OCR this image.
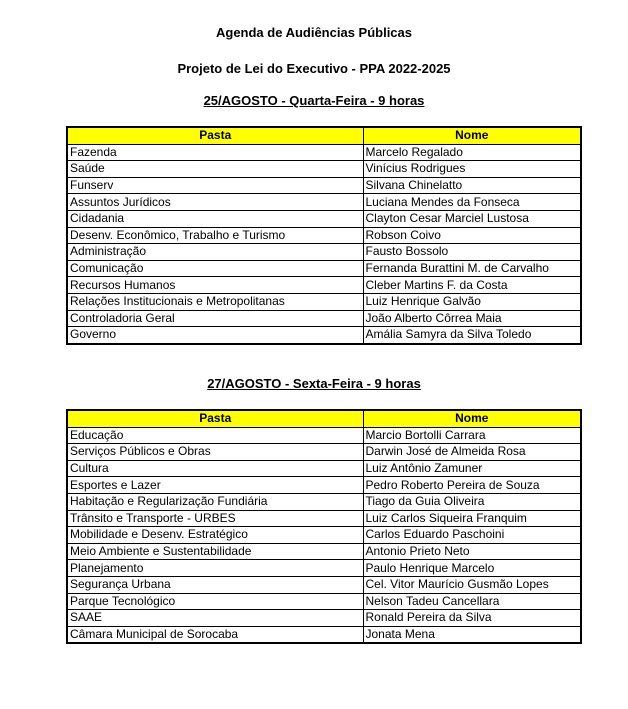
Agenda de Audiências Públicas
Projeto de Lei do Executivo - PPA 2022-2025
25/AGOSTO - Quarta-Feira - 9 horas
Pasta	Nome
Fazenda	Marcelo Regalado
Saúde	Vinícius Rodrigues
Funserv	Silvana Chinelatto
Assuntos Jurídicos	Luciana Mendes da Fonseca
Cidadania	Clayton Cesar Marciel Lustosa
Desenv. Econômico, Trabalho e Turismo	Robson Coivo
Administração	Fausto Bossolo
Comunicação	Fernanda Burattini M. de Carvalho
Recursos Humanos	Cleber Martins F. da Costa
Relações Institucionais e Metropolitanas	Luiz Henrique Galvão
Controladoria Geral	João Alberto Côrrea Maia
Governo	Amália Samyra da Silva Toledo
27/AGOSTO - Sexta-Feira - 9 horas
Pasta	Nome
Educação	Marcio Bortolli Carrara
Serviços Públicos e Obras	Darwin José de Almeida Rosa
Cultura	Luiz Antônio Zamuner
Esportes e Lazer	Pedro Roberto Pereira de Souza
Habitação e Regularização Fundiária	Tiago da Guia Oliveira
Trânsito e Transporte - URBES	Luiz Carlos Siqueira Franquim
Mobilidade e Desenv. Estratégico	Carlos Eduardo Paschoini
Meio Ambiente e Sustentabilidade	Antonio Prieto Neto
Planejamento	Paulo Henrique Marcelo
Segurança Urbana	Cel. Vitor Maurício Gusmão Lopes
Parque Tecnológico	Nelson Tadeu Cancellara
SAAE	Ronald Pereira da Silva
Câmara Municipal de Sorocaba	Jonata Mena
